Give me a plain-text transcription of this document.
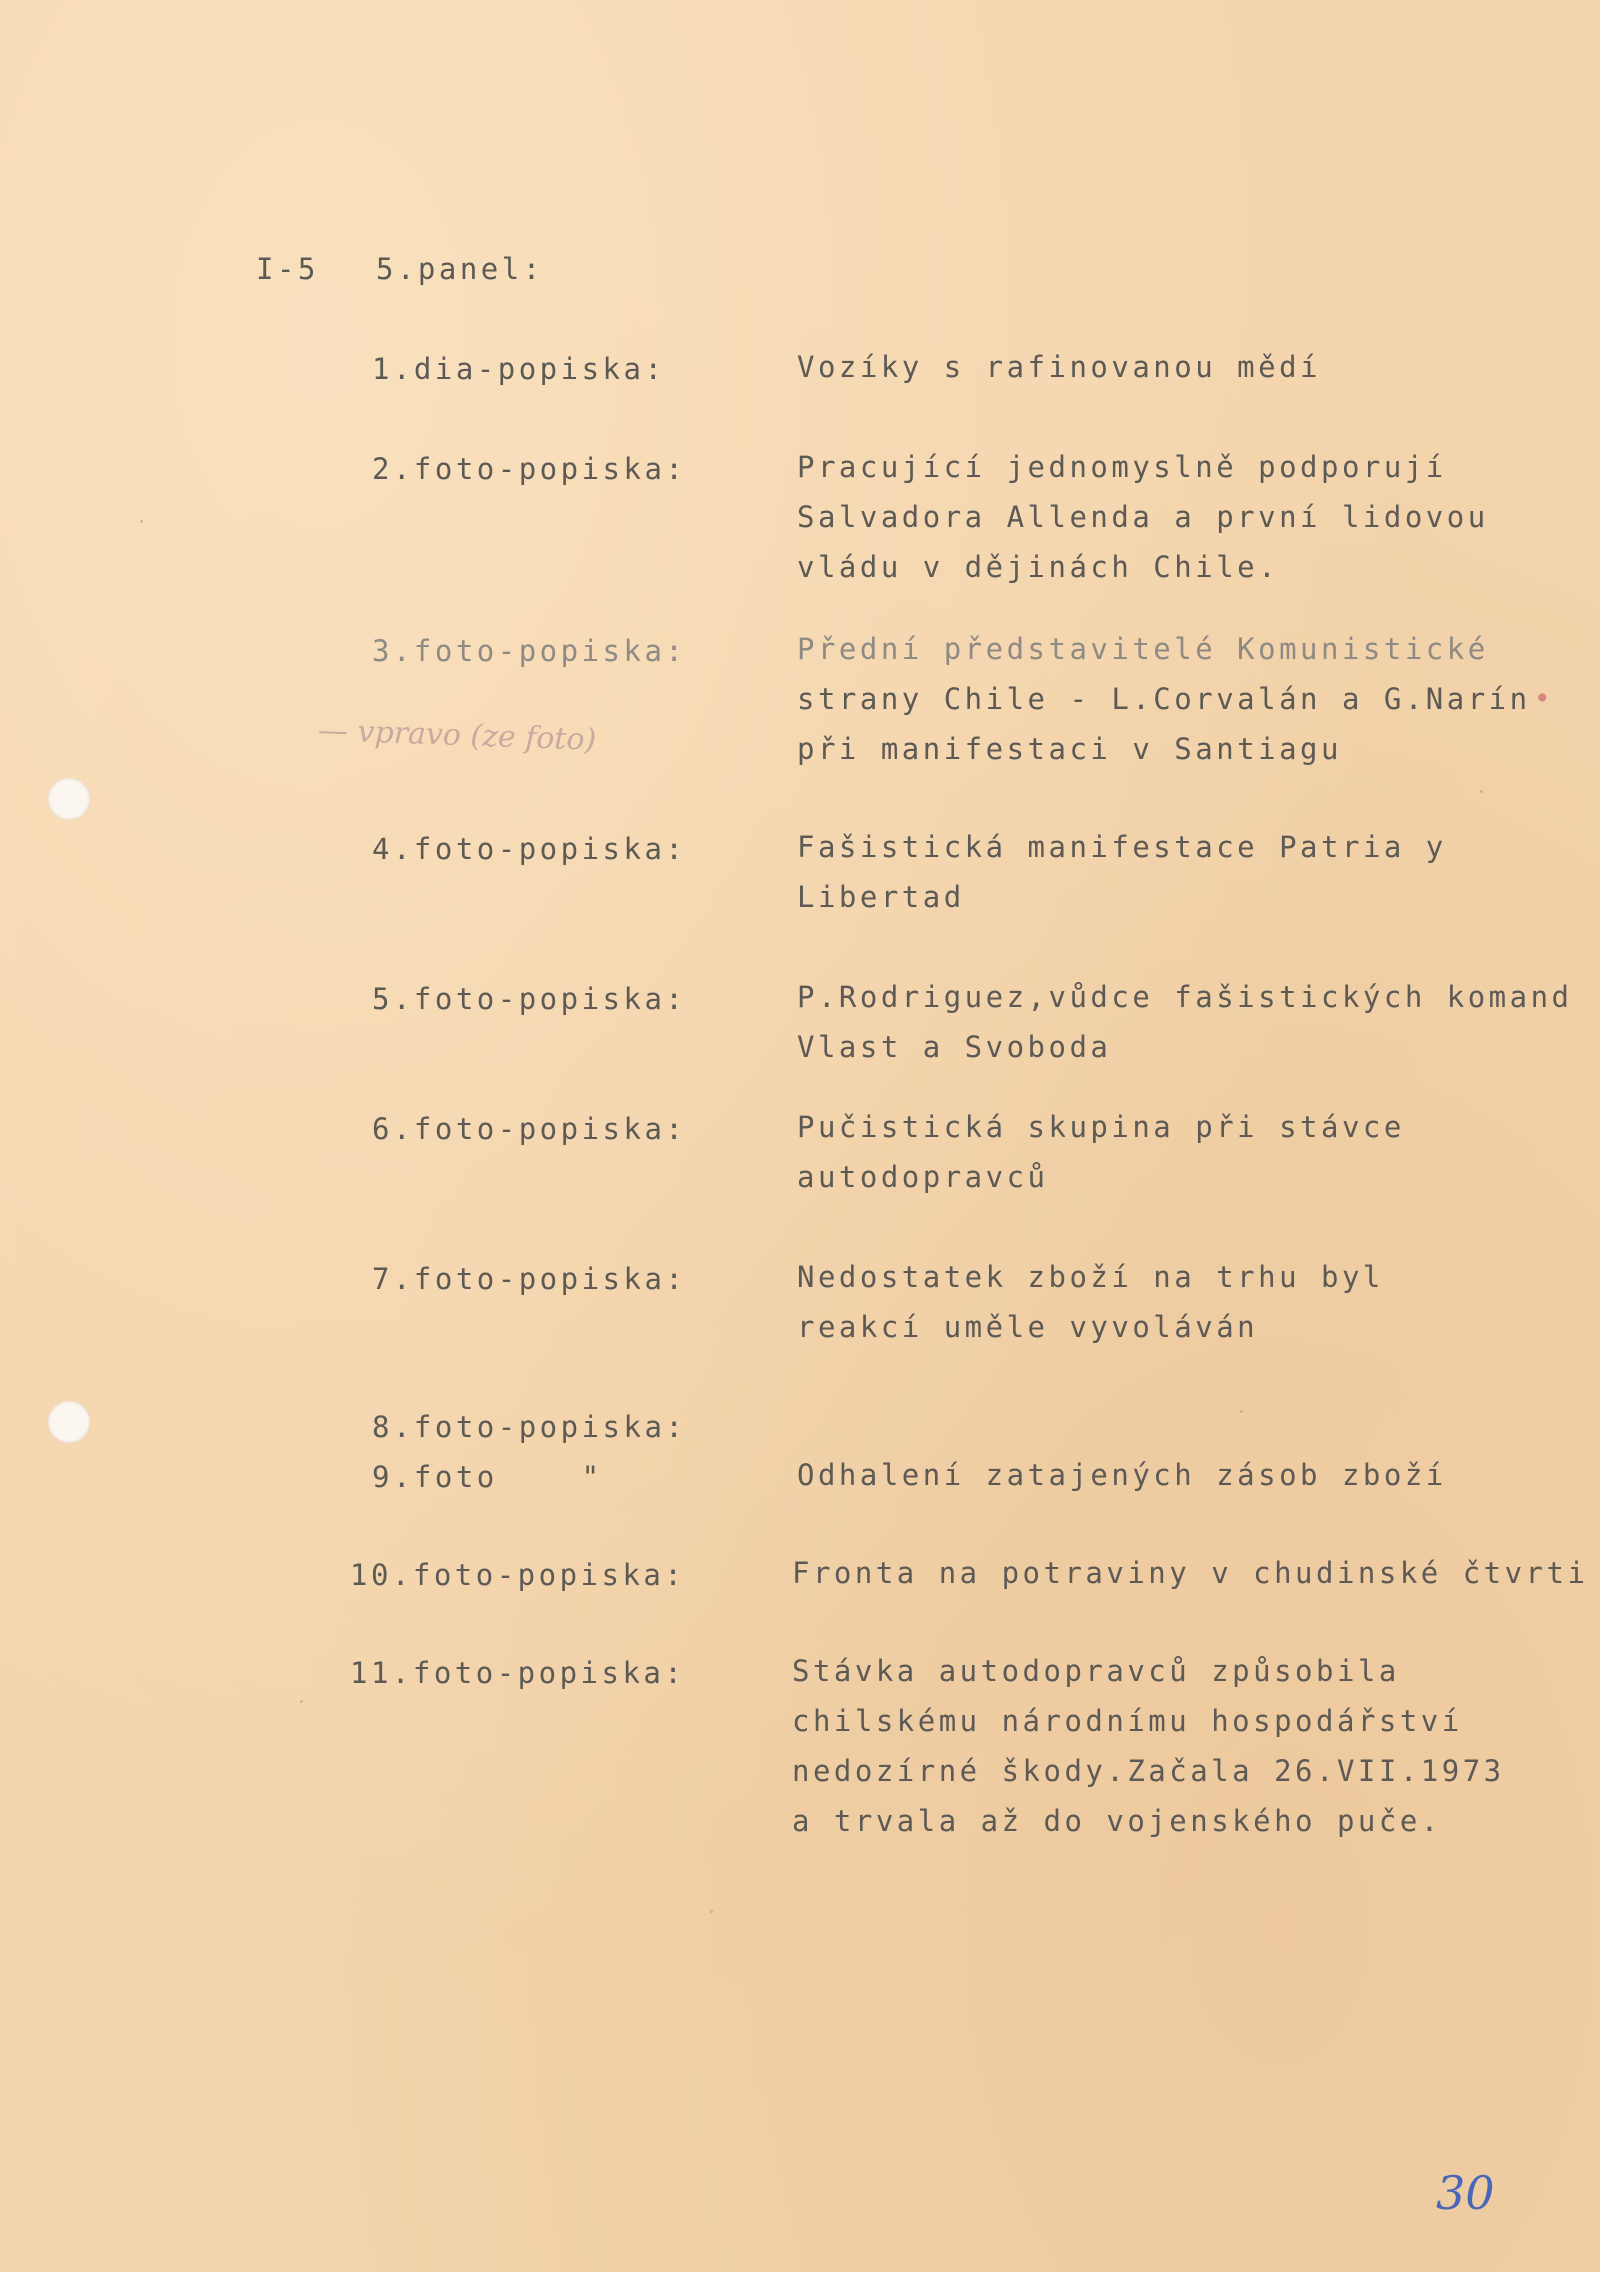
I-5 5.panel:
1.dia-popiska:	Vozíky s rafinovanou mědí
2.foto-popiska:	Pracující jednomyslně podporují
Salvadora Allenda a první lidovou
vládu v dějinách Chile.
3.foto-popiska:	Přední představitelé Komunistické
strany Chile - L.Corvalán a G.Narín
při manifestaci v Santiagu
— vpravo (ze foto)
•
4.foto-popiska:	Fašistická manifestace Patria y
Libertad
5.foto-popiska:	P.Rodriguez,vůdce fašistických komand
Vlast a Svoboda
6.foto-popiska:	Pučistická skupina při stávce
autodopravců
7.foto-popiska:	Nedostatek zboží na trhu byl
reakcí uměle vyvoláván
8.foto-popiska:
9.foto    "	Odhalení zatajených zásob zboží
10.foto-popiska:	Fronta na potraviny v chudinské čtvrti
11.foto-popiska:	Stávka autodopravců způsobila
chilskému národnímu hospodářství
nedozírné škody.Začala 26.VII.1973
a trvala až do vojenského puče.
30
